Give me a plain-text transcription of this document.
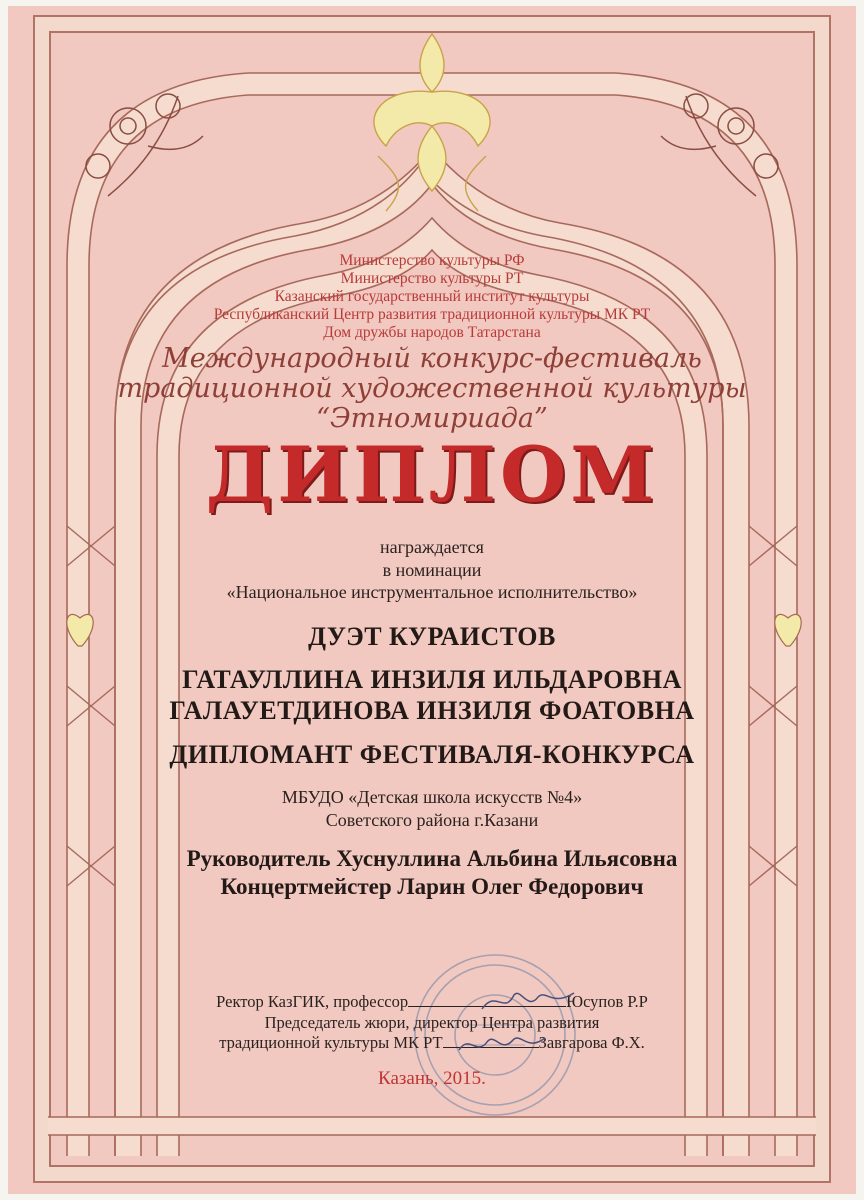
Министерство культуры РФ

Министерство культуры РТ

Казанский государственный институт культуры

Республиканский Центр развития традиционной культуры МК РТ

Дом дружбы народов Татарстана

Международный конкурс-фестиваль

традиционной художественной культуры

“Этномириада”

ДИПЛОМ

награждается

в номинации

«Национальное инструментальное исполнительство»

ДУЭТ КУРАИСТОВ

ГАТАУЛЛИНА ИНЗИЛЯ ИЛЬДАРОВНА

ГАЛАУЕТДИНОВА ИНЗИЛЯ ФОАТОВНА

ДИПЛОМАНТ ФЕСТИВАЛЯ-КОНКУРСА

МБУДО «Детская школа искусств №4»

Советского района г.Казани

Руководитель Хуснуллина Альбина Ильясовна

Концертмейстер Ларин Олег Федорович

Ректор КазГИК, профессор	Юсупов Р.Р

Председатель жюри, директор Центра развития

традиционной культуры МК РТ	Завгарова Ф.Х.

Казань, 2015.
